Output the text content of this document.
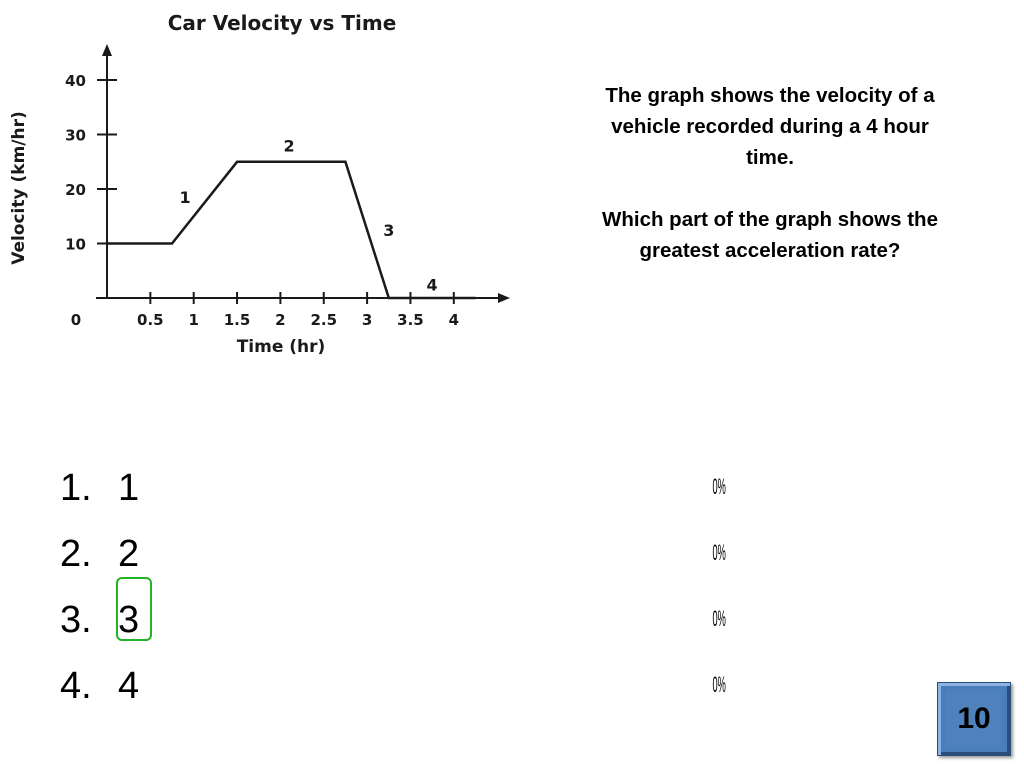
Car Velocity vs Time
10
20
30
40
0.5 1 1.5 2 2.5 3 3.5 4
0
Time (hr)
Velocity (km/hr)	1
2
3
4

The graph shows the velocity of a vehicle recorded during a 4 hour time.

Which part of the graph shows the greatest acceleration rate?

1. 1
2. 2
3. 3
4. 4
0%
0%
0%
0%
10
